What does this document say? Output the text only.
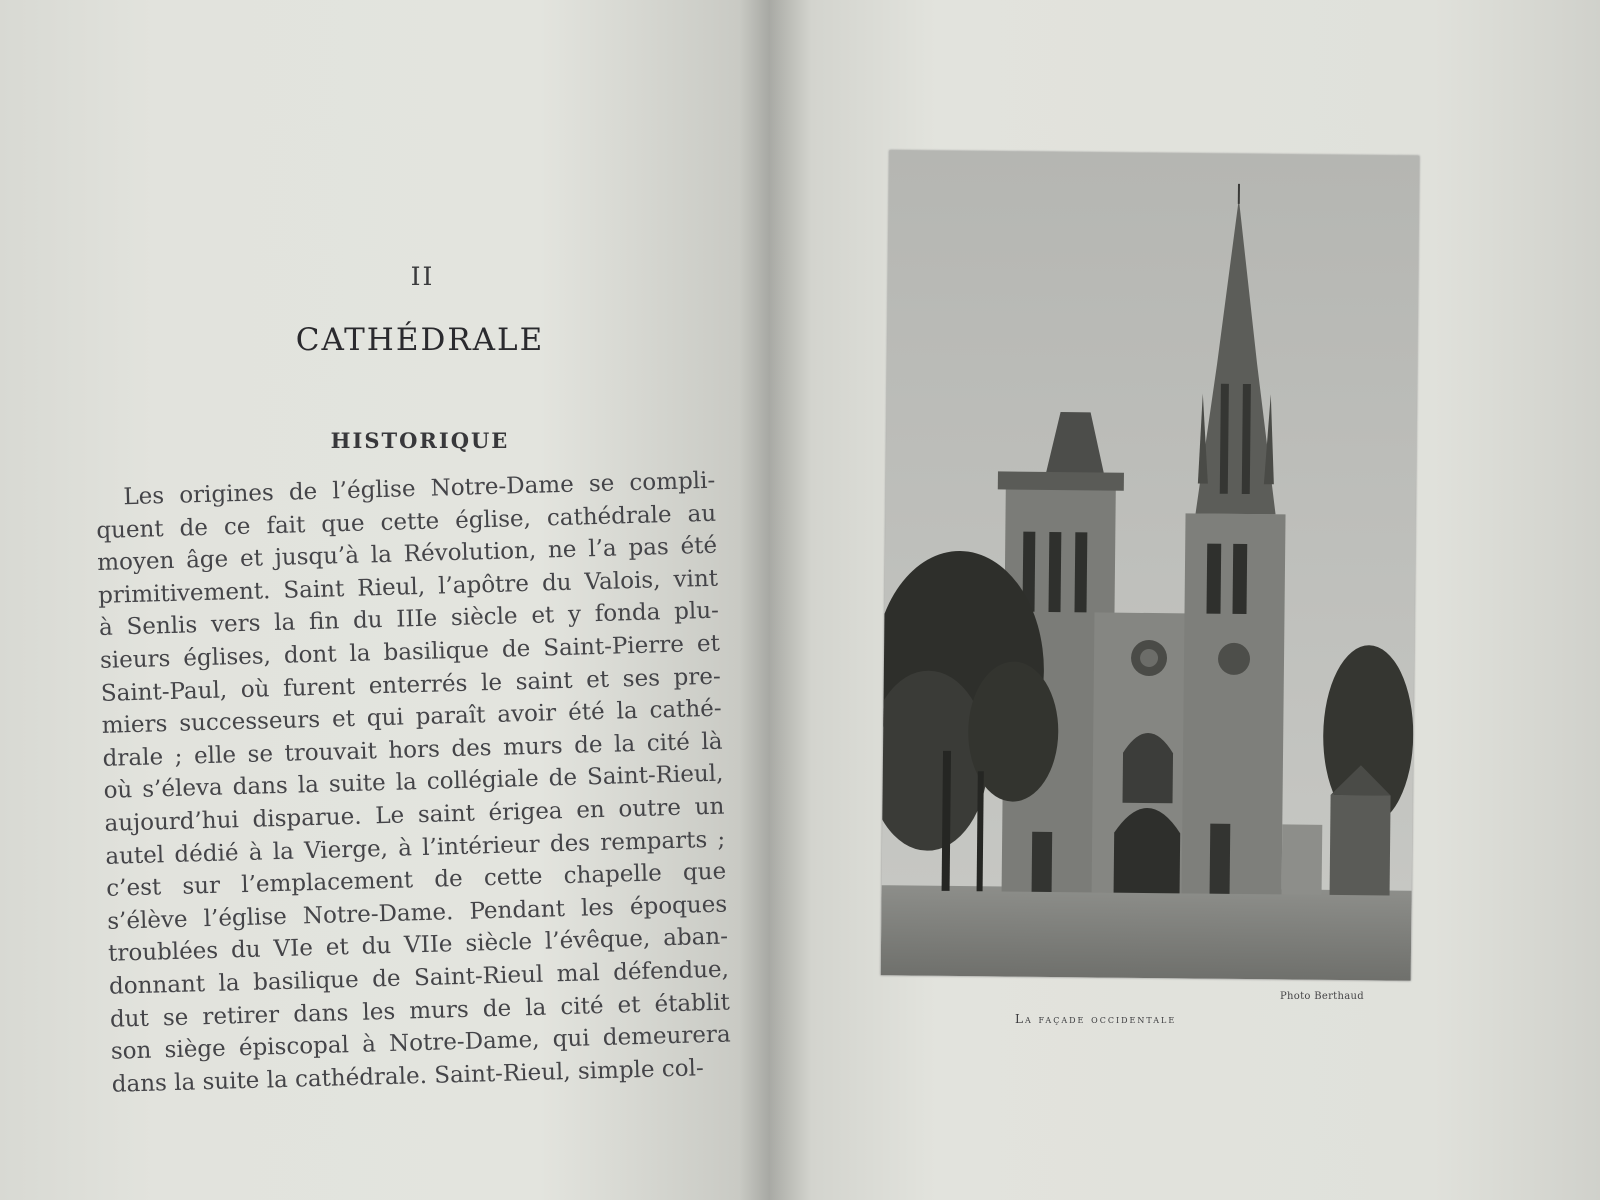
II
CATHÉDRALE
HISTORIQUE
Les origines de l’église Notre-Dame se compli-
quent de ce fait que cette église, cathédrale au
moyen âge et jusqu’à la Révolution, ne l’a pas été
primitivement. Saint Rieul, l’apôtre du Valois, vint
à Senlis vers la fin du IIIe siècle et y fonda plu-
sieurs églises, dont la basilique de Saint-Pierre et
Saint-Paul, où furent enterrés le saint et ses pre-
miers successeurs et qui paraît avoir été la cathé-
drale ; elle se trouvait hors des murs de la cité là
où s’éleva dans la suite la collégiale de Saint-Rieul,
aujourd’hui disparue. Le saint érigea en outre un
autel dédié à la Vierge, à l’intérieur des remparts ;
c’est sur l’emplacement de cette chapelle que
s’élève l’église Notre-Dame. Pendant les époques
troublées du VIe et du VIIe siècle l’évêque, aban-
donnant la basilique de Saint-Rieul mal défendue,
dut se retirer dans les murs de la cité et établit
son siège épiscopal à Notre-Dame, qui demeurera
dans la suite la cathédrale. Saint-Rieul, simple col-
Photo Berthaud
La façade occidentale
